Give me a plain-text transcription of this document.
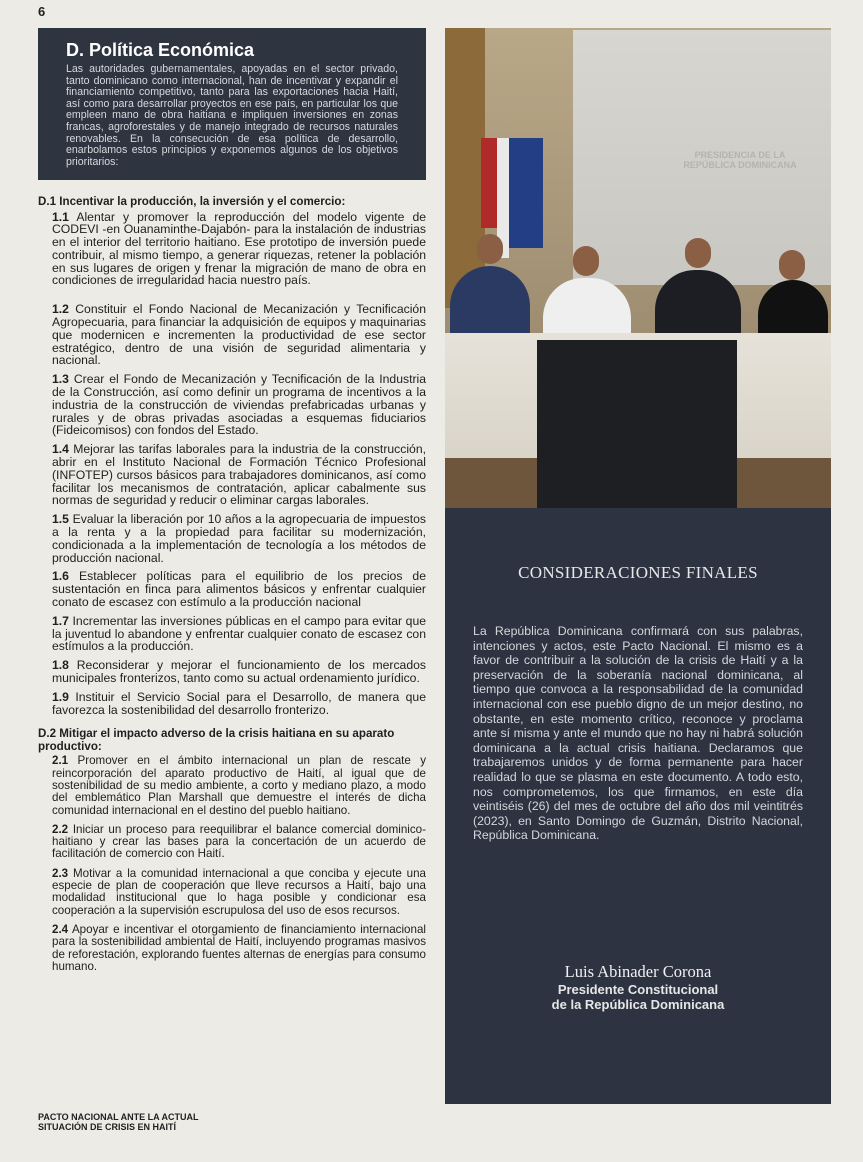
6
D. Política Económica

Las autoridades gubernamentales, apoyadas en el sector privado, tanto dominicano como internacional, han de incentivar y expandir el financiamiento competitivo, tanto para las exportaciones hacia Haití, así como para desarrollar proyectos en ese país, en particular los que empleen mano de obra haitiana e impliquen inversiones en zonas francas, agroforestales y de manejo integrado de recursos naturales renovables. En la consecución de esa política de desarrollo, enarbolamos estos principios y exponemos algunos de los objetivos prioritarios:

D.1 Incentivar la producción, la inversión y el comercio:
1.1 Alentar y promover la reproducción del modelo vigente de CODEVI -en Ouanaminthe-Dajabón- para la instalación de industrias en el interior del territorio haitiano. Ese prototipo de inversión puede contribuir, al mismo tiempo, a generar riquezas, retener la población en sus lugares de origen y frenar la migración de mano de obra en condiciones de irregularidad hacia nuestro país.
1.2 Constituir el Fondo Nacional de Mecanización y Tecnificación Agropecuaria, para financiar la adquisición de equipos y maquinarias que modernicen e incrementen la productividad de ese sector estratégico, dentro de una visión de seguridad alimentaria y nacional.
1.3 Crear el Fondo de Mecanización y Tecnificación de la Industria de la Construcción, así como definir un programa de incentivos a la industria de la construcción de viviendas prefabricadas urbanas y rurales y de obras privadas asociadas a esquemas fiduciarios (Fideicomisos) con fondos del Estado.
1.4 Mejorar las tarifas laborales para la industria de la construcción, abrir en el Instituto Nacional de Formación Técnico Profesional (INFOTEP) cursos básicos para trabajadores dominicanos, así como facilitar los mecanismos de contratación, aplicar cabalmente sus normas de seguridad y reducir o eliminar cargas laborales.
1.5 Evaluar la liberación por 10 años a la agropecuaria de impuestos a la renta y a la propiedad para facilitar su modernización, condicionada a la implementación de tecnología a los métodos de producción nacional.
1.6 Establecer políticas para el equilibrio de los precios de sustentación en finca para alimentos básicos y enfrentar cualquier conato de escasez con estímulo a la producción nacional
1.7 Incrementar las inversiones públicas en el campo para evitar que la juventud lo abandone y enfrentar cualquier conato de escasez con estímulos a la producción.
1.8 Reconsiderar y mejorar el funcionamiento de los mercados municipales fronterizos, tanto como su actual ordenamiento jurídico.
1.9 Instituir el Servicio Social para el Desarrollo, de manera que favorezca la sostenibilidad del desarrollo fronterizo.
D.2 Mitigar el impacto adverso de la crisis haitiana en su aparato productivo:
2.1 Promover en el ámbito internacional un plan de rescate y reincorporación del aparato productivo de Haití, al igual que de sostenibilidad de su medio ambiente, a corto y mediano plazo, a modo del emblemático Plan Marshall que demuestre el interés de dicha comunidad internacional en el destino del pueblo haitiano.
2.2 Iniciar un proceso para reequilibrar el balance comercial dominico-haitiano y crear las bases para la concertación de un acuerdo de facilitación de comercio con Haití.
2.3 Motivar a la comunidad internacional a que conciba y ejecute una especie de plan de cooperación que lleve recursos a Haití, bajo una modalidad institucional que lo haga posible y condicionar esa cooperación a la supervisión escrupulosa del uso de esos recursos.
2.4 Apoyar e incentivar el otorgamiento de financiamiento internacional para la sostenibilidad ambiental de Haití, incluyendo programas masivos de reforestación, explorando fuentes alternas de energías para consumo humano.
PACTO NACIONAL ANTE LA ACTUAL
SITUACIÓN DE CRISIS EN HAITÍ
PRESIDENCIA DE LA
REPÚBLICA DOMINICANA
CONSIDERACIONES FINALES

La República Dominicana confirmará con sus palabras, intenciones y actos, este Pacto Nacional. El mismo es a favor de contribuir a la solución de la crisis de Haití y a la preservación de la soberanía nacional dominicana, al tiempo que convoca a la responsabilidad de la comunidad internacional con ese pueblo digno de un mejor destino, no obstante, en este momento crítico, reconoce y proclama ante sí misma y ante el mundo que no hay ni habrá solución dominicana a la actual crisis haitiana. Declaramos que trabajaremos unidos y de forma permanente para hacer realidad lo que se plasma en este documento. A todo esto, nos comprometemos, los que firmamos, en este día veintiséis (26) del mes de octubre del año dos mil veintitrés (2023), en Santo Domingo de Guzmán, Distrito Nacional, República Dominicana.

Luis Abinader Corona
Presidente Constitucional
de la República Dominicana
